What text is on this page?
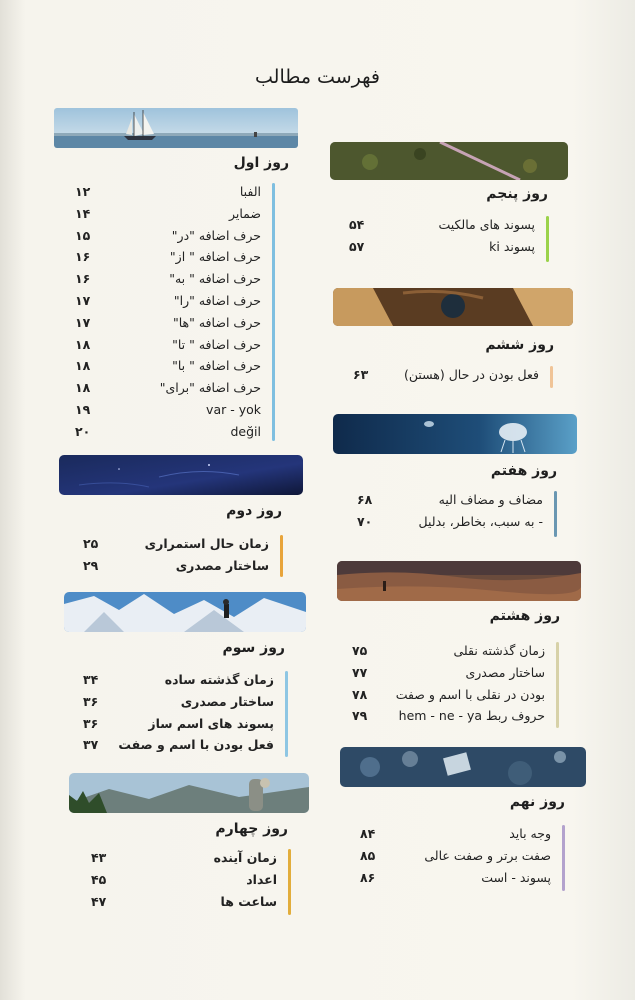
فهرست مطالب
روز اول
روز دوم
روز سوم
روز چهارم
روز پنجم
روز ششم
روز هفتم
روز هشتم
روز نهم
الفبا
۱۲
ضمایر
۱۴
حرف اضافه "در"
۱۵
حرف اضافه " از"
۱۶
حرف اضافه " به"
۱۶
حرف اضافه "را"
۱۷
حرف اضافه "ها"
۱۷
حرف اضافه " تا"
۱۸
حرف اضافه " با"
۱۸
حرف اضافه "برای"
۱۸
var - yok
۱۹
değil
۲۰
زمان حال استمراری
۲۵
ساختار مصدری
۲۹
زمان گذشته ساده
۳۴
ساختار مصدری
۳۶
پسوند های اسم ساز
۳۶
فعل بودن با اسم و صفت
۳۷
زمان آینده
۴۳
اعداد
۴۵
ساعت ها
۴۷
پسوند های مالکیت
۵۴
پسوند ki
۵۷
فعل بودن در حال (هستن)
۶۳
مضاف و مضاف الیه
۶۸
- به سبب، بخاطر، بدلیل
۷۰
زمان گذشته نقلی
۷۵
ساختار مصدری
۷۷
بودن در نقلی با اسم و صفت
۷۸
حروف ربط hem - ne - ya
۷۹
وجه باید
۸۴
صفت برتر و صفت عالی
۸۵
پسوند - است
۸۶
